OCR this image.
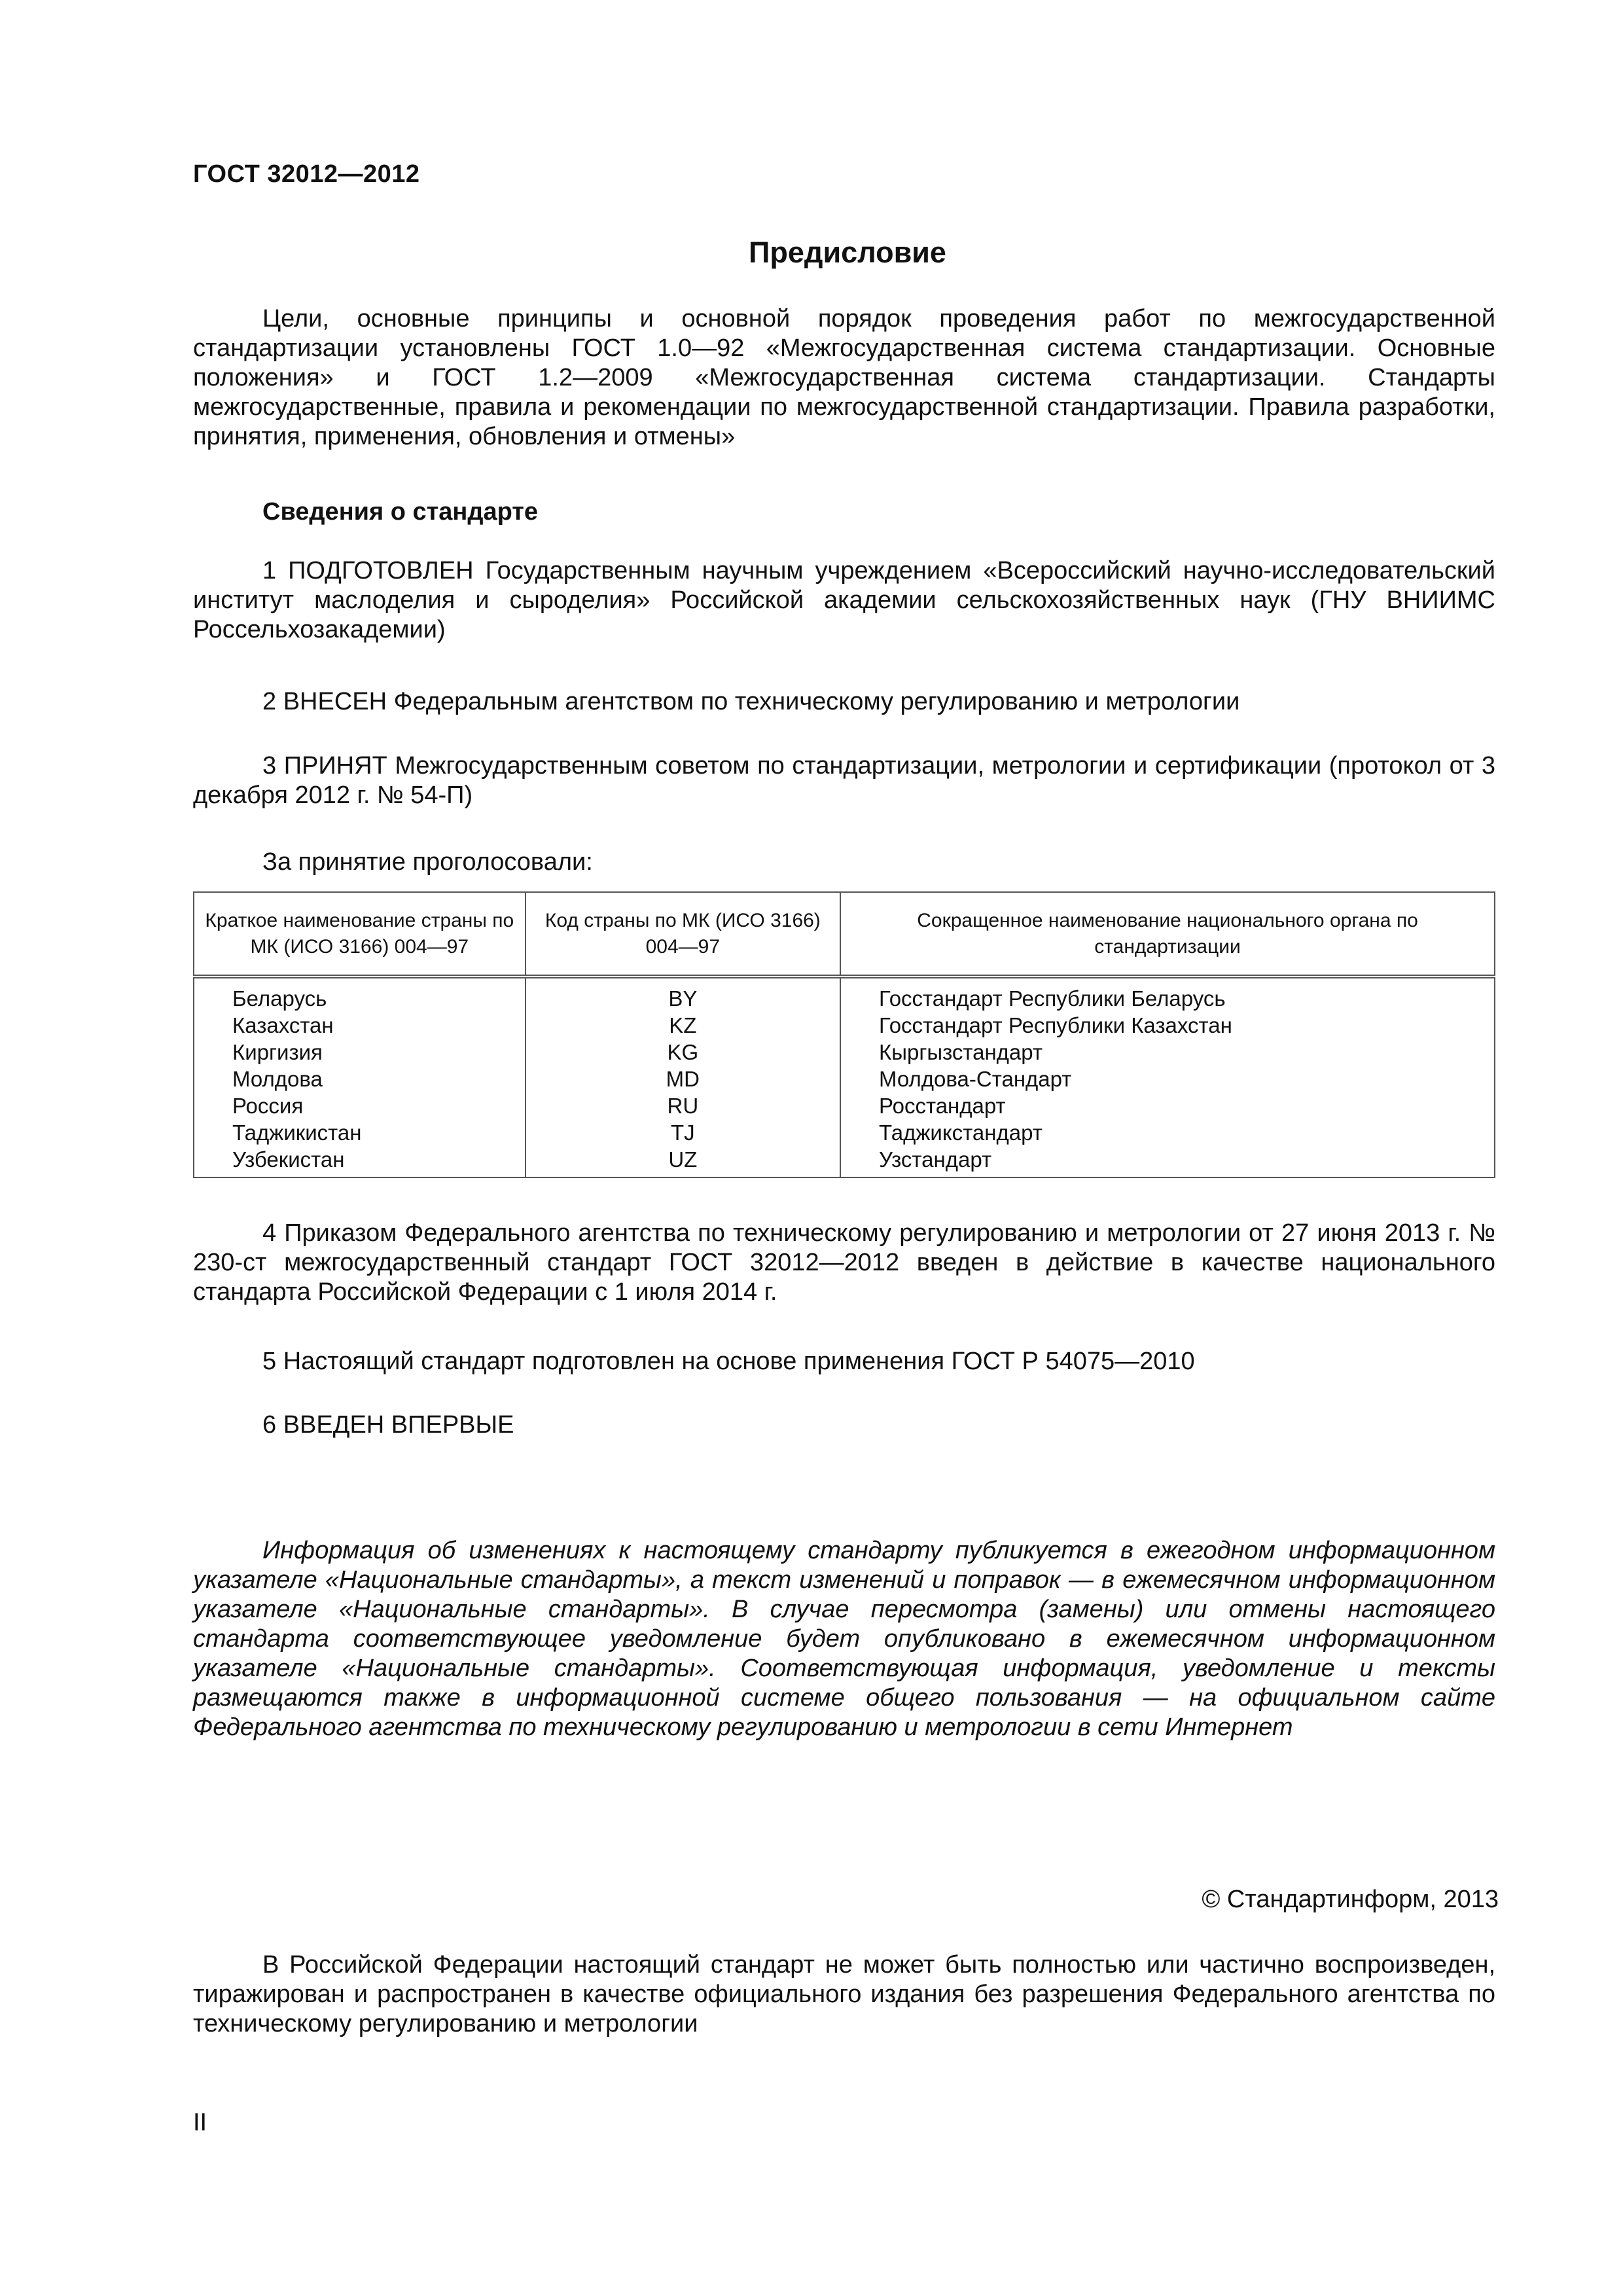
ГОСТ 32012—2012
Предисловие
Цели, основные принципы и основной порядок проведения работ по межгосударственной стандартизации установлены ГОСТ 1.0—92 «Межгосударственная система стандартизации. Основные положения» и ГОСТ 1.2—2009 «Межгосударственная система стандартизации. Стандарты межгосударственные, правила и рекомендации по межгосударственной стандартизации. Правила разработки, принятия, применения, обновления и отмены»
Сведения о стандарте
1 ПОДГОТОВЛЕН Государственным научным учреждением «Всероссийский научно-исследовательский институт маслоделия и сыроделия» Российской академии сельскохозяйственных наук (ГНУ ВНИИМС Россельхозакадемии)
2 ВНЕСЕН Федеральным агентством по техническому регулированию и метрологии
3 ПРИНЯТ Межгосударственным советом по стандартизации, метрологии и сертификации (протокол от 3 декабря 2012 г. № 54-П)
За принятие проголосовали:
Краткое наименование страны по МК (ИСО 3166) 004—97	Код страны по МК (ИСО 3166) 004—97	Сокращенное наименование национального органа по стандартизации
Беларусь	BY	Госстандарт Республики Беларусь
Казахстан	KZ	Госстандарт Республики Казахстан
Киргизия	KG	Кыргызстандарт
Молдова	MD	Молдова-Стандарт
Россия	RU	Росстандарт
Таджикистан	TJ	Таджикстандарт
Узбекистан	UZ	Узстандарт
4 Приказом Федерального агентства по техническому регулированию и метрологии от 27 июня 2013 г. № 230-ст межгосударственный стандарт ГОСТ 32012—2012 введен в действие в качестве национального стандарта Российской Федерации с 1 июля 2014 г.
5 Настоящий стандарт подготовлен на основе применения ГОСТ Р 54075—2010
6 ВВЕДЕН ВПЕРВЫЕ
Информация об изменениях к настоящему стандарту публикуется в ежегодном информационном указателе «Национальные стандарты», а текст изменений и поправок — в ежемесячном информационном указателе «Национальные стандарты». В случае пересмотра (замены) или отмены настоящего стандарта соответствующее уведомление будет опубликовано в ежемесячном информационном указателе «Национальные стандарты». Соответствующая информация, уведомление и тексты размещаются также в информационной системе общего пользования — на официальном сайте Федерального агентства по техническому регулированию и метрологии в сети Интернет
© Стандартинформ, 2013
В Российской Федерации настоящий стандарт не может быть полностью или частично воспроизведен, тиражирован и распространен в качестве официального издания без разрешения Федерального агентства по техническому регулированию и метрологии
II
